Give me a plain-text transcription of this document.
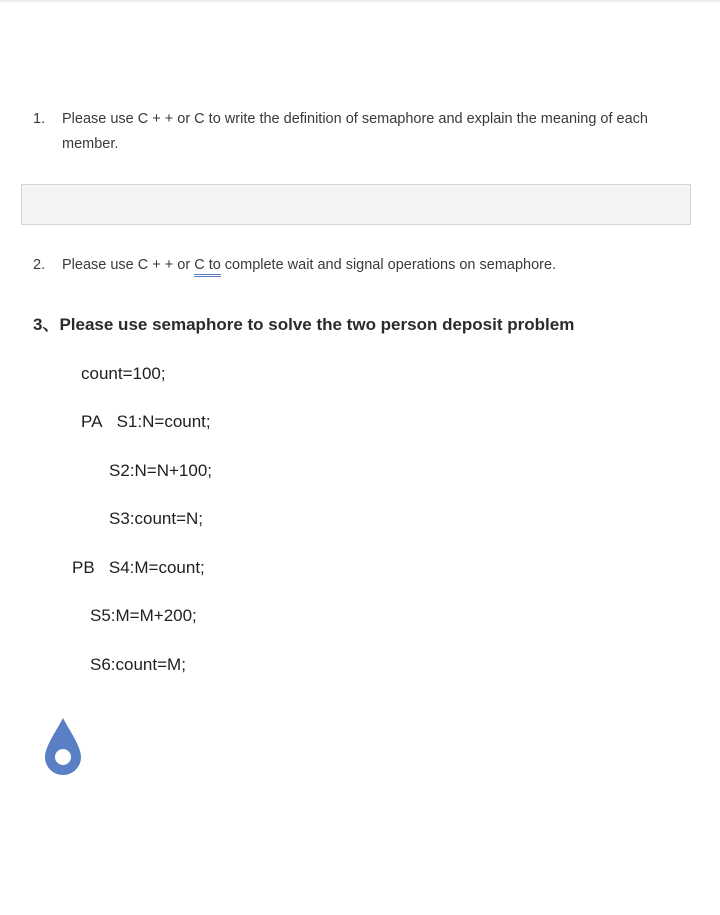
1.	Please use C + + or C to write the definition of semaphore and explain the meaning of each member.
2.	Please use C + + or C to complete wait and signal operations on semaphore.
3、Please use semaphore to solve the two person deposit problem
count=100;
PA S1:N=count;
S2:N=N+100;
S3:count=N;
PB S4:M=count;
S5:M=M+200;
S6:count=M;
